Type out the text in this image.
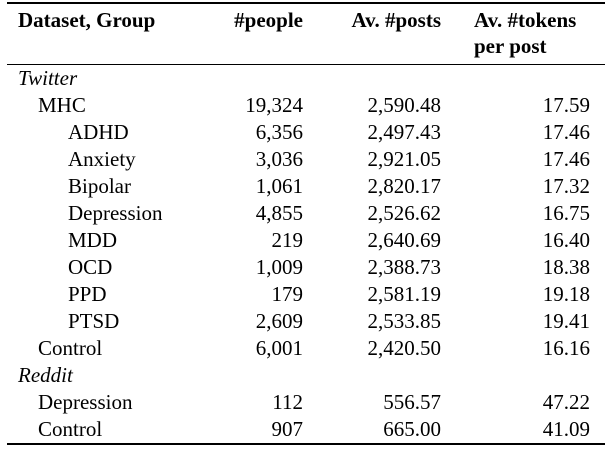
Dataset, Group	#people	Av. #posts	Av. #tokens
per post

Twitter			
MHC	19,324	2,590.48	17.59
ADHD	6,356	2,497.43	17.46
Anxiety	3,036	2,921.05	17.46
Bipolar	1,061	2,820.17	17.32
Depression	4,855	2,526.62	16.75
MDD	219	2,640.69	16.40
OCD	1,009	2,388.73	18.38
PPD	179	2,581.19	19.18
PTSD	2,609	2,533.85	19.41
Control	6,001	2,420.50	16.16
Reddit			
Depression	112	556.57	47.22
Control	907	665.00	41.09
